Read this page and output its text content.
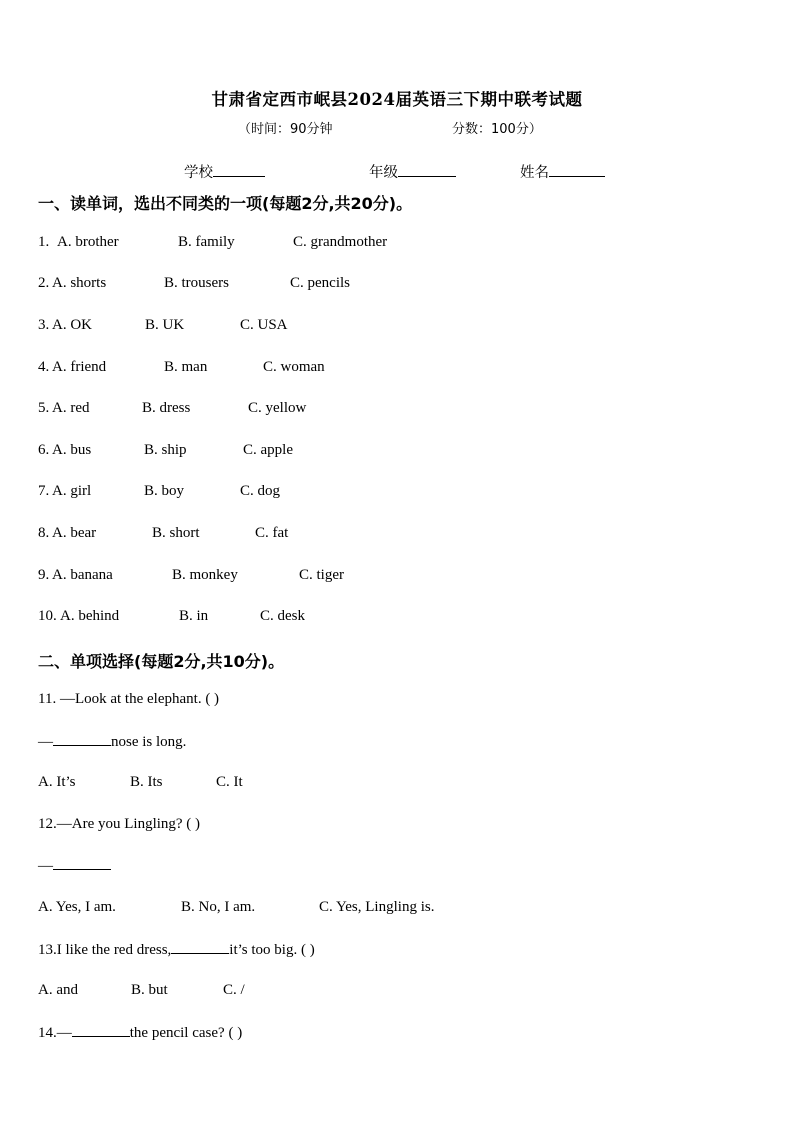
甘肃省定西市岷县2024届英语三下期中联考试题
（时间：90分钟	分数：100分）
学校	年级	姓名
一、读单词，选出不同类的一项(每题2分,共20分)。
1. A. brother	B. family	C. grandmother
2. A. shorts	B. trousers	C. pencils
3. A. OK	B. UK	C. USA
4. A. friend	B. man	C. woman
5. A. red	B. dress	C. yellow
6. A. bus	B. ship	C. apple
7. A. girl	B. boy	C. dog
8. A. bear	B. short	C. fat
9. A. banana	B. monkey	C. tiger
10. A. behind	B. in	C. desk
二、单项选择(每题2分,共10分)。
11. —Look at the elephant. ( )
—	nose is long.
A. It’s	B. Its	C. It
12.—Are you Lingling? ( )
—
A. Yes, I am.	B. No, I am.	C. Yes, Lingling is.
13.I like the red dress,	it’s too big. ( )
A. and	B. but	C. /
14.—	the pencil case? ( )
